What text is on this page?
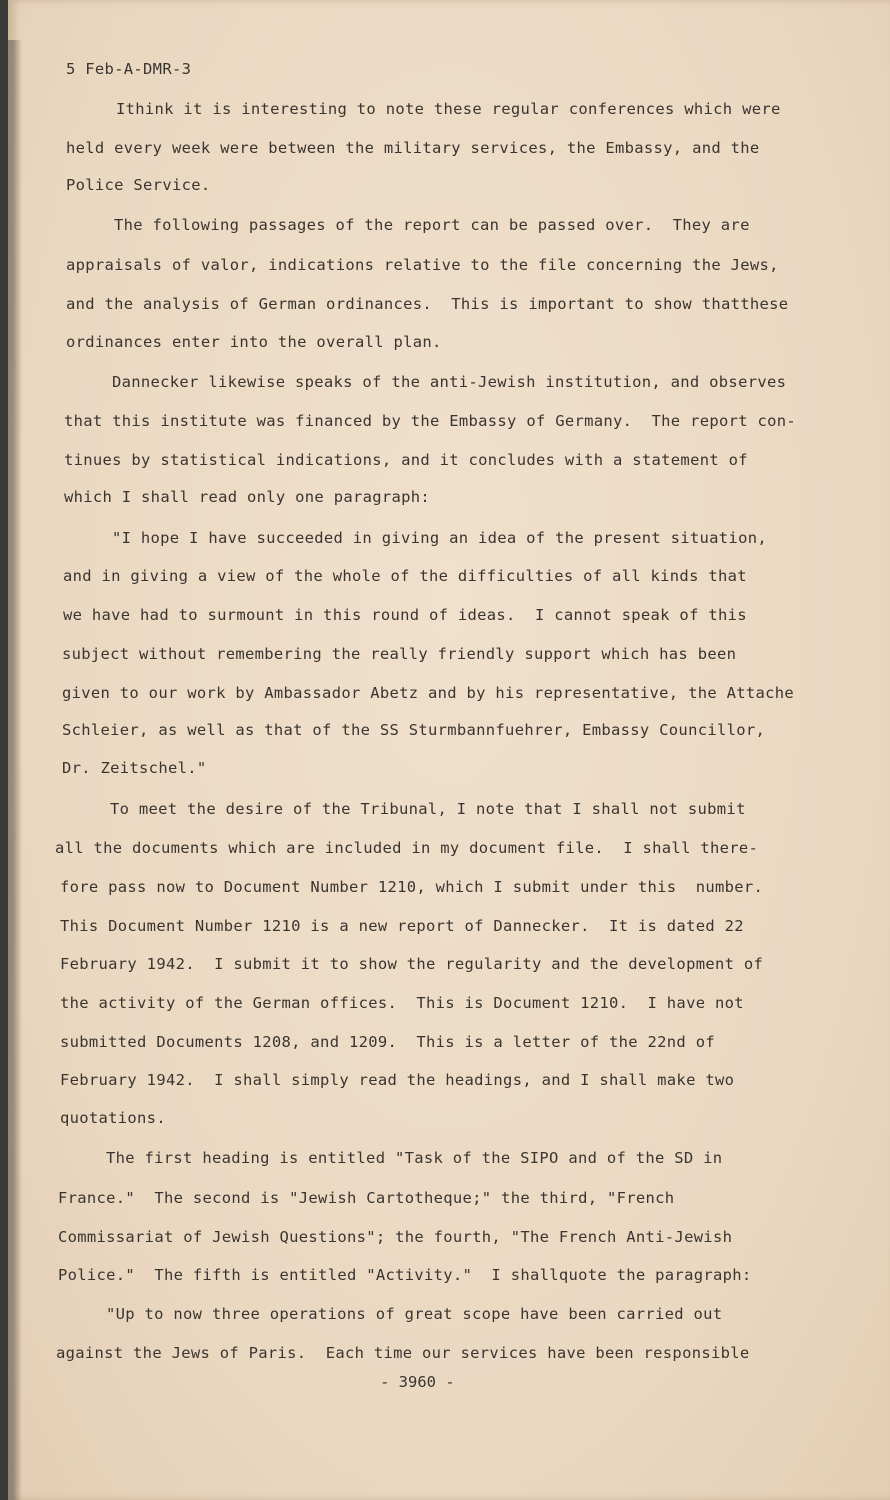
5 Feb-A-DMR-3
Ithink it is interesting to note these regular conferences which were
held every week were between the military services, the Embassy, and the
Police Service.
The following passages of the report can be passed over.  They are
appraisals of valor, indications relative to the file concerning the Jews,
and the analysis of German ordinances.  This is important to show thatthese
ordinances enter into the overall plan.
Dannecker likewise speaks of the anti-Jewish institution, and observes
that this institute was financed by the Embassy of Germany.  The report con-
tinues by statistical indications, and it concludes with a statement of
which I shall read only one paragraph:
"I hope I have succeeded in giving an idea of the present situation,
and in giving a view of the whole of the difficulties of all kinds that
we have had to surmount in this round of ideas.  I cannot speak of this
subject without remembering the really friendly support which has been
given to our work by Ambassador Abetz and by his representative, the Attache
Schleier, as well as that of the SS Sturmbannfuehrer, Embassy Councillor,
Dr. Zeitschel."
To meet the desire of the Tribunal, I note that I shall not submit
all the documents which are included in my document file.  I shall there-
fore pass now to Document Number 1210, which I submit under this  number.
This Document Number 1210 is a new report of Dannecker.  It is dated 22
February 1942.  I submit it to show the regularity and the development of
the activity of the German offices.  This is Document 1210.  I have not
submitted Documents 1208, and 1209.  This is a letter of the 22nd of
February 1942.  I shall simply read the headings, and I shall make two
quotations.
The first heading is entitled "Task of the SIPO and of the SD in
France."  The second is "Jewish Cartotheque;" the third, "French
Commissariat of Jewish Questions"; the fourth, "The French Anti-Jewish
Police."  The fifth is entitled "Activity."  I shallquote the paragraph:
"Up to now three operations of great scope have been carried out
against the Jews of Paris.  Each time our services have been responsible
- 3960 -
